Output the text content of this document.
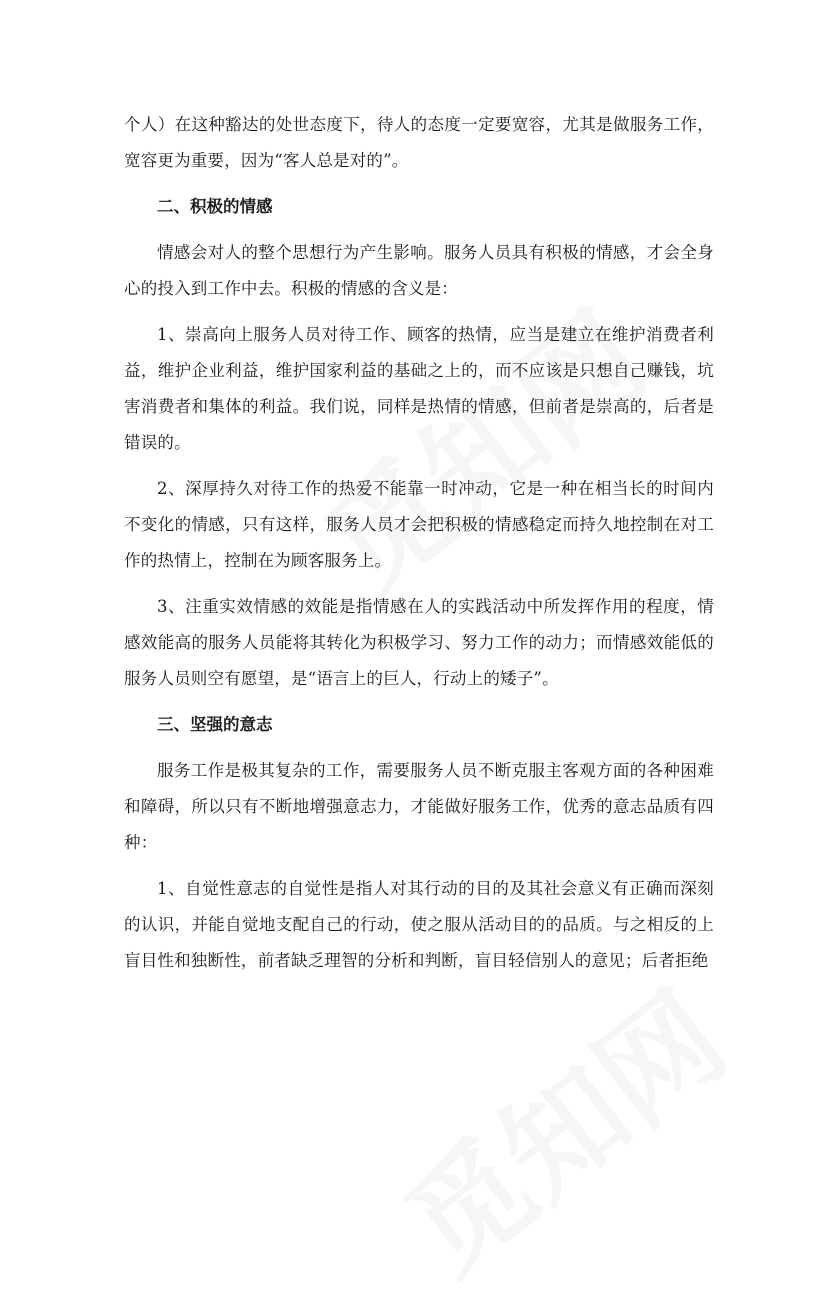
个人）在这种豁达的处世态度下，待人的态度一定要宽容，尤其是做服务工作，宽容更为重要，因为“客人总是对的”。

二、积极的情感

情感会对人的整个思想行为产生影响。服务人员具有积极的情感，才会全身心的投入到工作中去。积极的情感的含义是：

1、崇高向上服务人员对待工作、顾客的热情，应当是建立在维护消费者利益，维护企业利益，维护国家利益的基础之上的，而不应该是只想自己赚钱，坑害消费者和集体的利益。我们说，同样是热情的情感，但前者是崇高的，后者是错误的。

2、深厚持久对待工作的热爱不能靠一时冲动，它是一种在相当长的时间内不变化的情感，只有这样，服务人员才会把积极的情感稳定而持久地控制在对工作的热情上，控制在为顾客服务上。

3、注重实效情感的效能是指情感在人的实践活动中所发挥作用的程度，情感效能高的服务人员能将其转化为积极学习、努力工作的动力；而情感效能低的服务人员则空有愿望，是“语言上的巨人，行动上的矮子”。

三、坚强的意志

服务工作是极其复杂的工作，需要服务人员不断克服主客观方面的各种困难和障碍，所以只有不断地增强意志力，才能做好服务工作，优秀的意志品质有四种：

1、自觉性意志的自觉性是指人对其行动的目的及其社会意义有正确而深刻的认识，并能自觉地支配自己的行动，使之服从活动目的的品质。与之相反的上盲目性和独断性，前者缺乏理智的分析和判断，盲目轻信别人的意见；后者拒绝
